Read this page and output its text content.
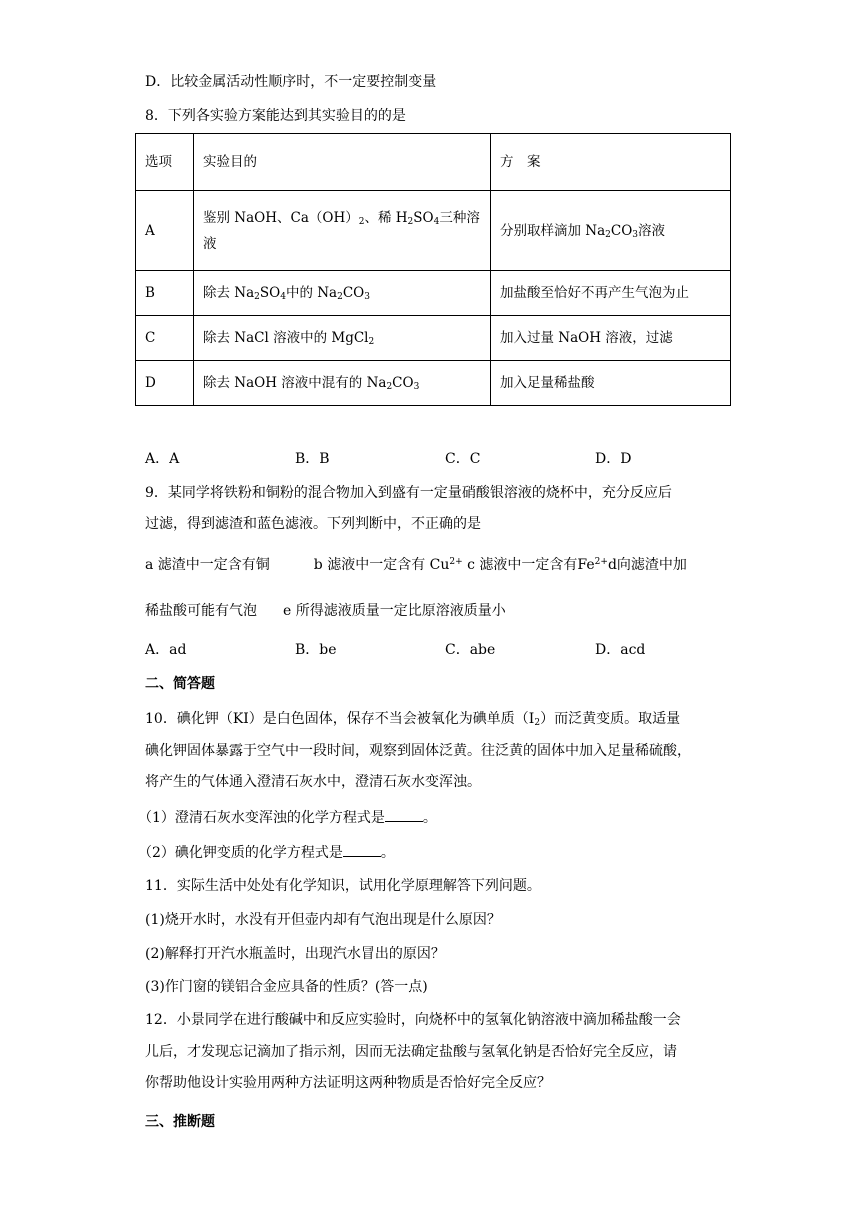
D．比较金属活动性顺序时，不一定要控制变量
8．下列各实验方案能达到其实验目的的是
选项	实验目的	方　案
A	鉴别 NaOH、$Ca(OH)_2$、稀 $H_2SO_4$三种溶
液	分别取样滴加 $Na_2CO_3$溶液
B	除去 $Na_2SO_4$中的 $Na_2CO_3$	加盐酸至恰好不再产生气泡为止
C	除去 NaCl 溶液中的 MgCl$_2$	加入过量 NaOH 溶液，过滤
D	除去 NaOH 溶液中混有的 $Na_2CO_3$	加入足量稀盐酸
A．A	B．B	C．C	D．D
9．某同学将铁粉和铜粉的混合物加入到盛有一定量硝酸银溶液的烧杯中，充分反应后
过滤，得到滤渣和蓝色滤液。下列判断中，不正确的是
a 滤渣中一定含有铜	b 滤液中一定含有 $Cu^{2+}$ c 滤液中一定含有$Fe^{2+}d$向滤渣中加
稀盐酸可能有气泡 e 所得滤液质量一定比原溶液质量小
A．ad	B．be	C．abe	D．acd
二、简答题
10．碘化钾（KI）是白色固体，保存不当会被氧化为碘单质$(I_2)$而泛黄变质。取适量
碘化钾固体暴露于空气中一段时间，观察到固体泛黄。往泛黄的固体中加入足量稀硫酸，
将产生的气体通入澄清石灰水中，澄清石灰水变浑浊。
（1）澄清石灰水变浑浊的化学方程式是	。
（2）碘化钾变质的化学方程式是	。
11．实际生活中处处有化学知识，试用化学原理解答下列问题。
(1)烧开水时，水没有开但壶内却有气泡出现是什么原因？
(2)解释打开汽水瓶盖时，出现汽水冒出的原因？
(3)作门窗的镁铝合金应具备的性质？(答一点)
12．小景同学在进行酸碱中和反应实验时，向烧杯中的氢氧化钠溶液中滴加稀盐酸一会
儿后，才发现忘记滴加了指示剂，因而无法确定盐酸与氢氧化钠是否恰好完全反应，请
你帮助他设计实验用两种方法证明这两种物质是否恰好完全反应？
三、推断题
